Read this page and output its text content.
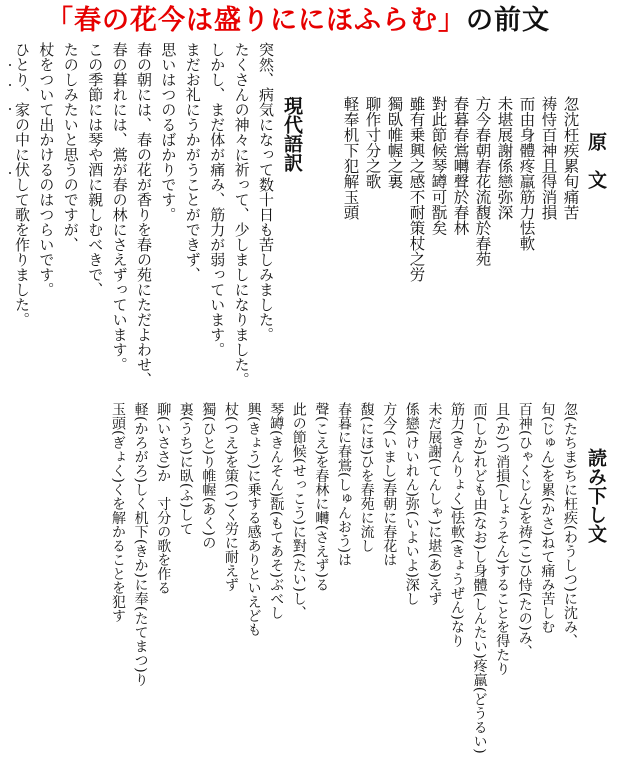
「春の花今は盛りににほふらむ」の前文
原　文
忽沈枉疾累旬痛苦
祷恃百神且得消損
而由身體疼羸筋力怯軟
未堪展謝係戀弥深
方今春朝春花流馥於春苑
春暮春鴬囀聲於春林
對此節候琴罇可翫矣
雖有乗興之感不耐策杖之労
獨臥帷幄之裏
聊作寸分之歌
軽奉机下犯解玉頭
現代語訳
突然、病気になって数十日も苦しみました。
たくさんの神々に祈って、少しましになりました。
しかし、まだ体が痛み、筋力が弱っています。
まだお礼にうかがうことができず、
思いはつのるばかりです。
春の朝には、春の花が香りを春の苑にただよわせ、
春の暮れには、鴬が春の林にさえずっています。
この季節には琴や酒に親しむべきで、
たのしみたいと思うのですが、
杖をついて出かけるのはつらいです。
ひとり、家の中に伏して歌を作りました。
読み下し文
忽(たちま)ちに枉疾(わうしつ)に沈み、
旬(じゅん)を累(かさ)ねて痛み苦しむ
百神(ひゃくじん)を祷(こ)ひ恃(たの)み、
且(か)つ消損(しょうそん)することを得たり
而(しか)れども由(なお)し身體(しんたい)疼羸(どうるい)
筋力(きんりょく)怯軟(きょうぜん)なり
未だ展謝(てんしゃ)に堪(あ)えず
係戀(けいれん)弥(いよいよ)深し
方今(いまし)春朝に春花は
馥(にほ)ひを春苑に流し
春暮に春鴬(しゅんおう)は
聲(こえ)を春林に囀(さえず)る
此の節候(せっこう)に對(たい)し、
琴罇(きんそん)翫(もてあそ)ぶべし
興(きょう)に乗する感ありといえども
杖(つえ)を策(つ)く労に耐えず
獨(ひと)り帷幄(あく)の
裏(うち)に臥(ふ)して
聊(いささ)か　寸分の歌を作る
軽(かろがろ)しく机下(きか)に奉(たてまつ)り
玉頭(ぎょく)くを解かることを犯す
